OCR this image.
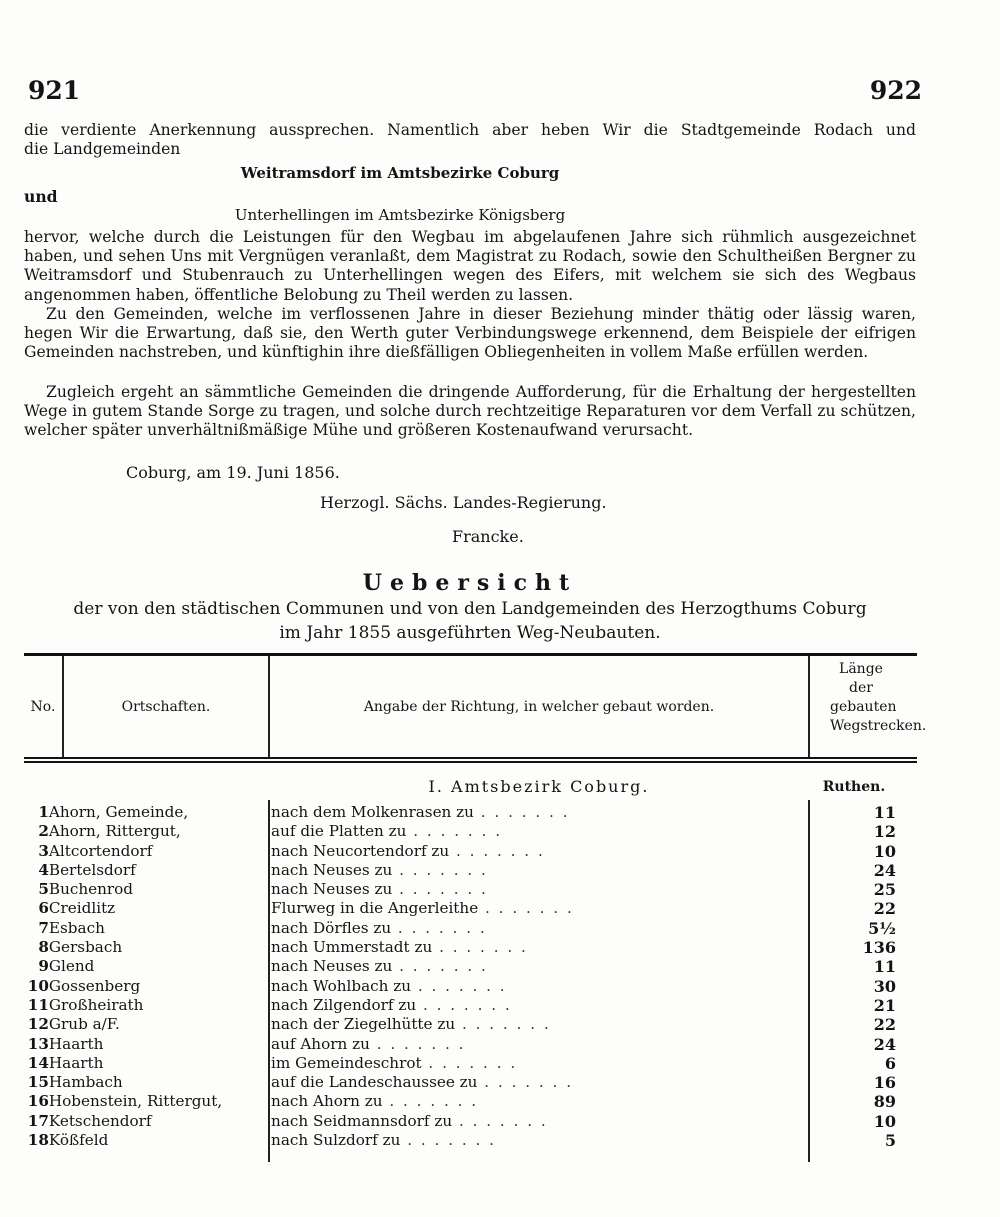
921	922

die verdiente Anerkennung aussprechen. Namentlich aber heben Wir die Stadtgemeinde Rodach und

die Landgemeinden

Weitramsdorf im Amtsbezirke Coburg
und
Unterhellingen im Amtsbezirke Königsberg

hervor, welche durch die Leistungen für den Wegbau im abgelaufenen Jahre sich rühmlich ausgezeichnet haben, und sehen Uns mit Vergnügen veranlaßt, dem Magistrat zu Rodach, sowie den Schultheißen Bergner zu Weitramsdorf und Stubenrauch zu Unterhellingen wegen des Eifers, mit welchem sie sich des Wegbaus angenommen haben, öffentliche Belobung zu Theil werden zu lassen.

Zu den Gemeinden, welche im verflossenen Jahre in dieser Beziehung minder thätig oder lässig waren, hegen Wir die Erwartung, daß sie, den Werth guter Verbindungswege erkennend, dem Beispiele der eifrigen Gemeinden nachstreben, und künftighin ihre dießfälligen Obliegenheiten in vollem Maße erfüllen werden.

Zugleich ergeht an sämmtliche Gemeinden die dringende Aufforderung, für die Erhaltung der hergestellten Wege in gutem Stande Sorge zu tragen, und solche durch rechtzeitige Reparaturen vor dem Verfall zu schützen, welcher später unverhältnißmäßige Mühe und größeren Kostenaufwand verursacht.

Coburg, am 19. Juni 1856.
Herzogl. Sächs. Landes-Regierung.
Francke.
Uebersicht
der von den städtischen Communen und von den Landgemeinden des Herzogthums Coburg
im Jahr 1855 ausgeführten Weg-Neubauten.
No.	Ortschaften.	Angabe der Richtung, in welcher gebaut worden.
Länge der gebauten Wegstrecken.
I. Amtsbezirk Coburg.	Ruthen.
1	Ahorn, Gemeinde,	nach dem Molkenrasen zu . . . . . . .	11
2	Ahorn, Rittergut,	auf die Platten zu . . . . . . .	12
3	Altcortendorf	nach Neucortendorf zu . . . . . . .	10
4	Bertelsdorf	nach Neuses zu . . . . . . .	24
5	Buchenrod	nach Neuses zu . . . . . . .	25
6	Creidlitz	Flurweg in die Angerleithe . . . . . . .	22
7	Esbach	nach Dörfles zu . . . . . . .	5½
8	Gersbach	nach Ummerstadt zu . . . . . . .	136
9	Glend	nach Neuses zu . . . . . . .	11
10	Gossenberg	nach Wohlbach zu . . . . . . .	30
11	Großheirath	nach Zilgendorf zu . . . . . . .	21
12	Grub a/F.	nach der Ziegelhütte zu . . . . . . .	22
13	Haarth	auf Ahorn zu . . . . . . .	24
14	Haarth	im Gemeindeschrot . . . . . . .	6
15	Hambach	auf die Landeschaussee zu . . . . . . .	16
16	Hobenstein, Rittergut,	nach Ahorn zu . . . . . . .	89
17	Ketschendorf	nach Seidmannsdorf zu . . . . . . .	10
18	Kößfeld	nach Sulzdorf zu . . . . . . .	5
